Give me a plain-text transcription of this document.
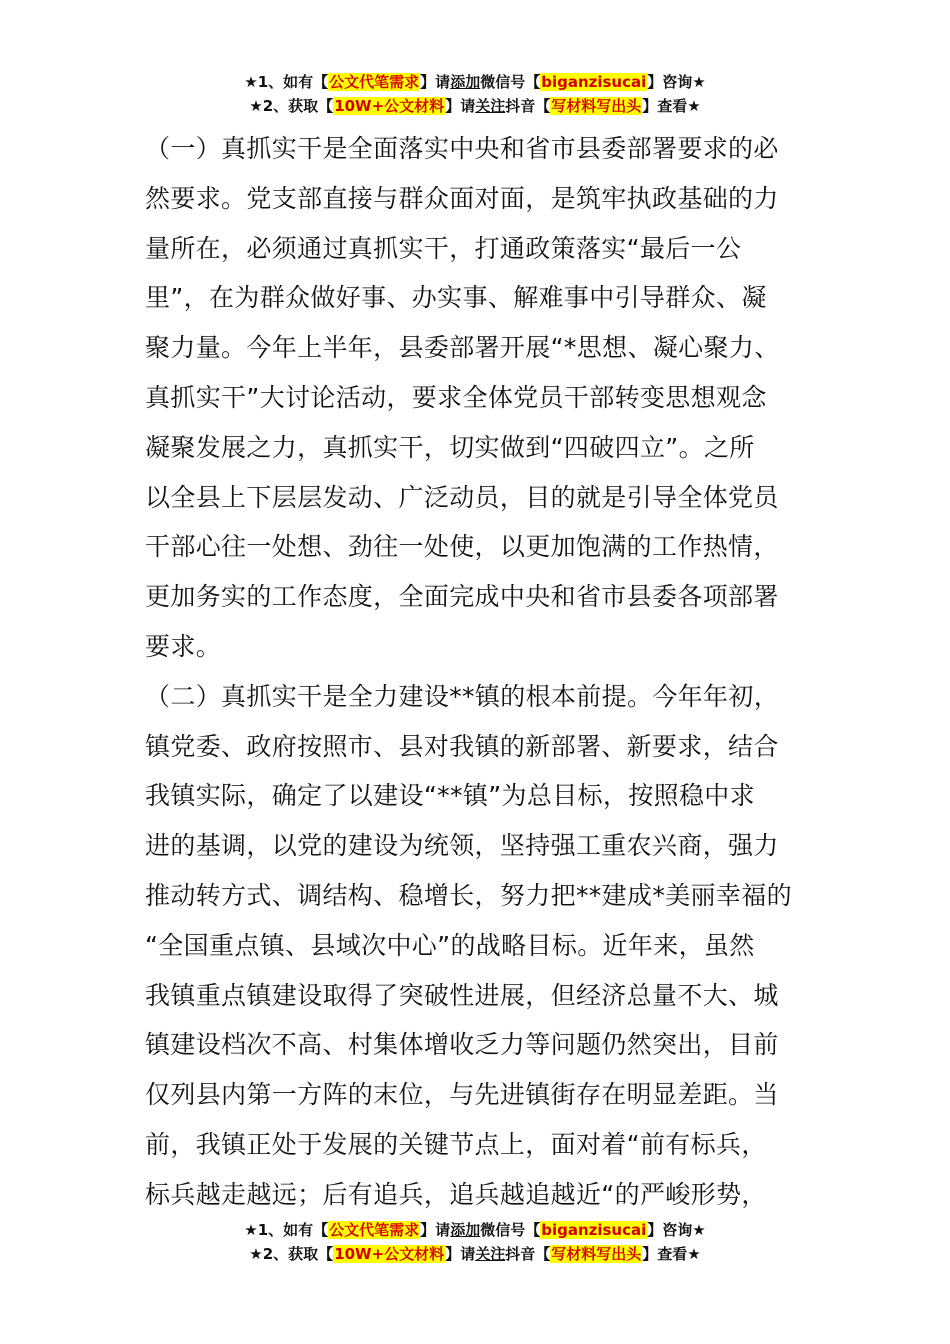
★1、如有【公文代笔需求】请添加微信号【biganzisucai】咨询★
★2、获取【10W+公文材料】请关注抖音【写材料写出头】查看★
（一）真抓实干是全面落实中央和省市县委部署要求的必
然要求。党支部直接与群众面对面，是筑牢执政基础的力
量所在，必须通过真抓实干，打通政策落实“最后一公
里”，在为群众做好事、办实事、解难事中引导群众、凝
聚力量。今年上半年，县委部署开展“*思想、凝心聚力、
真抓实干”大讨论活动，要求全体党员干部转变思想观念
凝聚发展之力，真抓实干，切实做到“四破四立”。之所
以全县上下层层发动、广泛动员，目的就是引导全体党员
干部心往一处想、劲往一处使，以更加饱满的工作热情，
更加务实的工作态度，全面完成中央和省市县委各项部署
要求。
（二）真抓实干是全力建设**镇的根本前提。今年年初，
镇党委、政府按照市、县对我镇的新部署、新要求，结合
我镇实际，确定了以建设“**镇”为总目标，按照稳中求
进的基调，以党的建设为统领，坚持强工重农兴商，强力
推动转方式、调结构、稳增长，努力把**建成*美丽幸福的
“全国重点镇、县域次中心”的战略目标。近年来，虽然
我镇重点镇建设取得了突破性进展，但经济总量不大、城
镇建设档次不高、村集体增收乏力等问题仍然突出，目前
仅列县内第一方阵的末位，与先进镇街存在明显差距。当
前，我镇正处于发展的关键节点上，面对着“前有标兵，
标兵越走越远；后有追兵，追兵越追越近“的严峻形势，
★1、如有【公文代笔需求】请添加微信号【biganzisucai】咨询★
★2、获取【10W+公文材料】请关注抖音【写材料写出头】查看★
